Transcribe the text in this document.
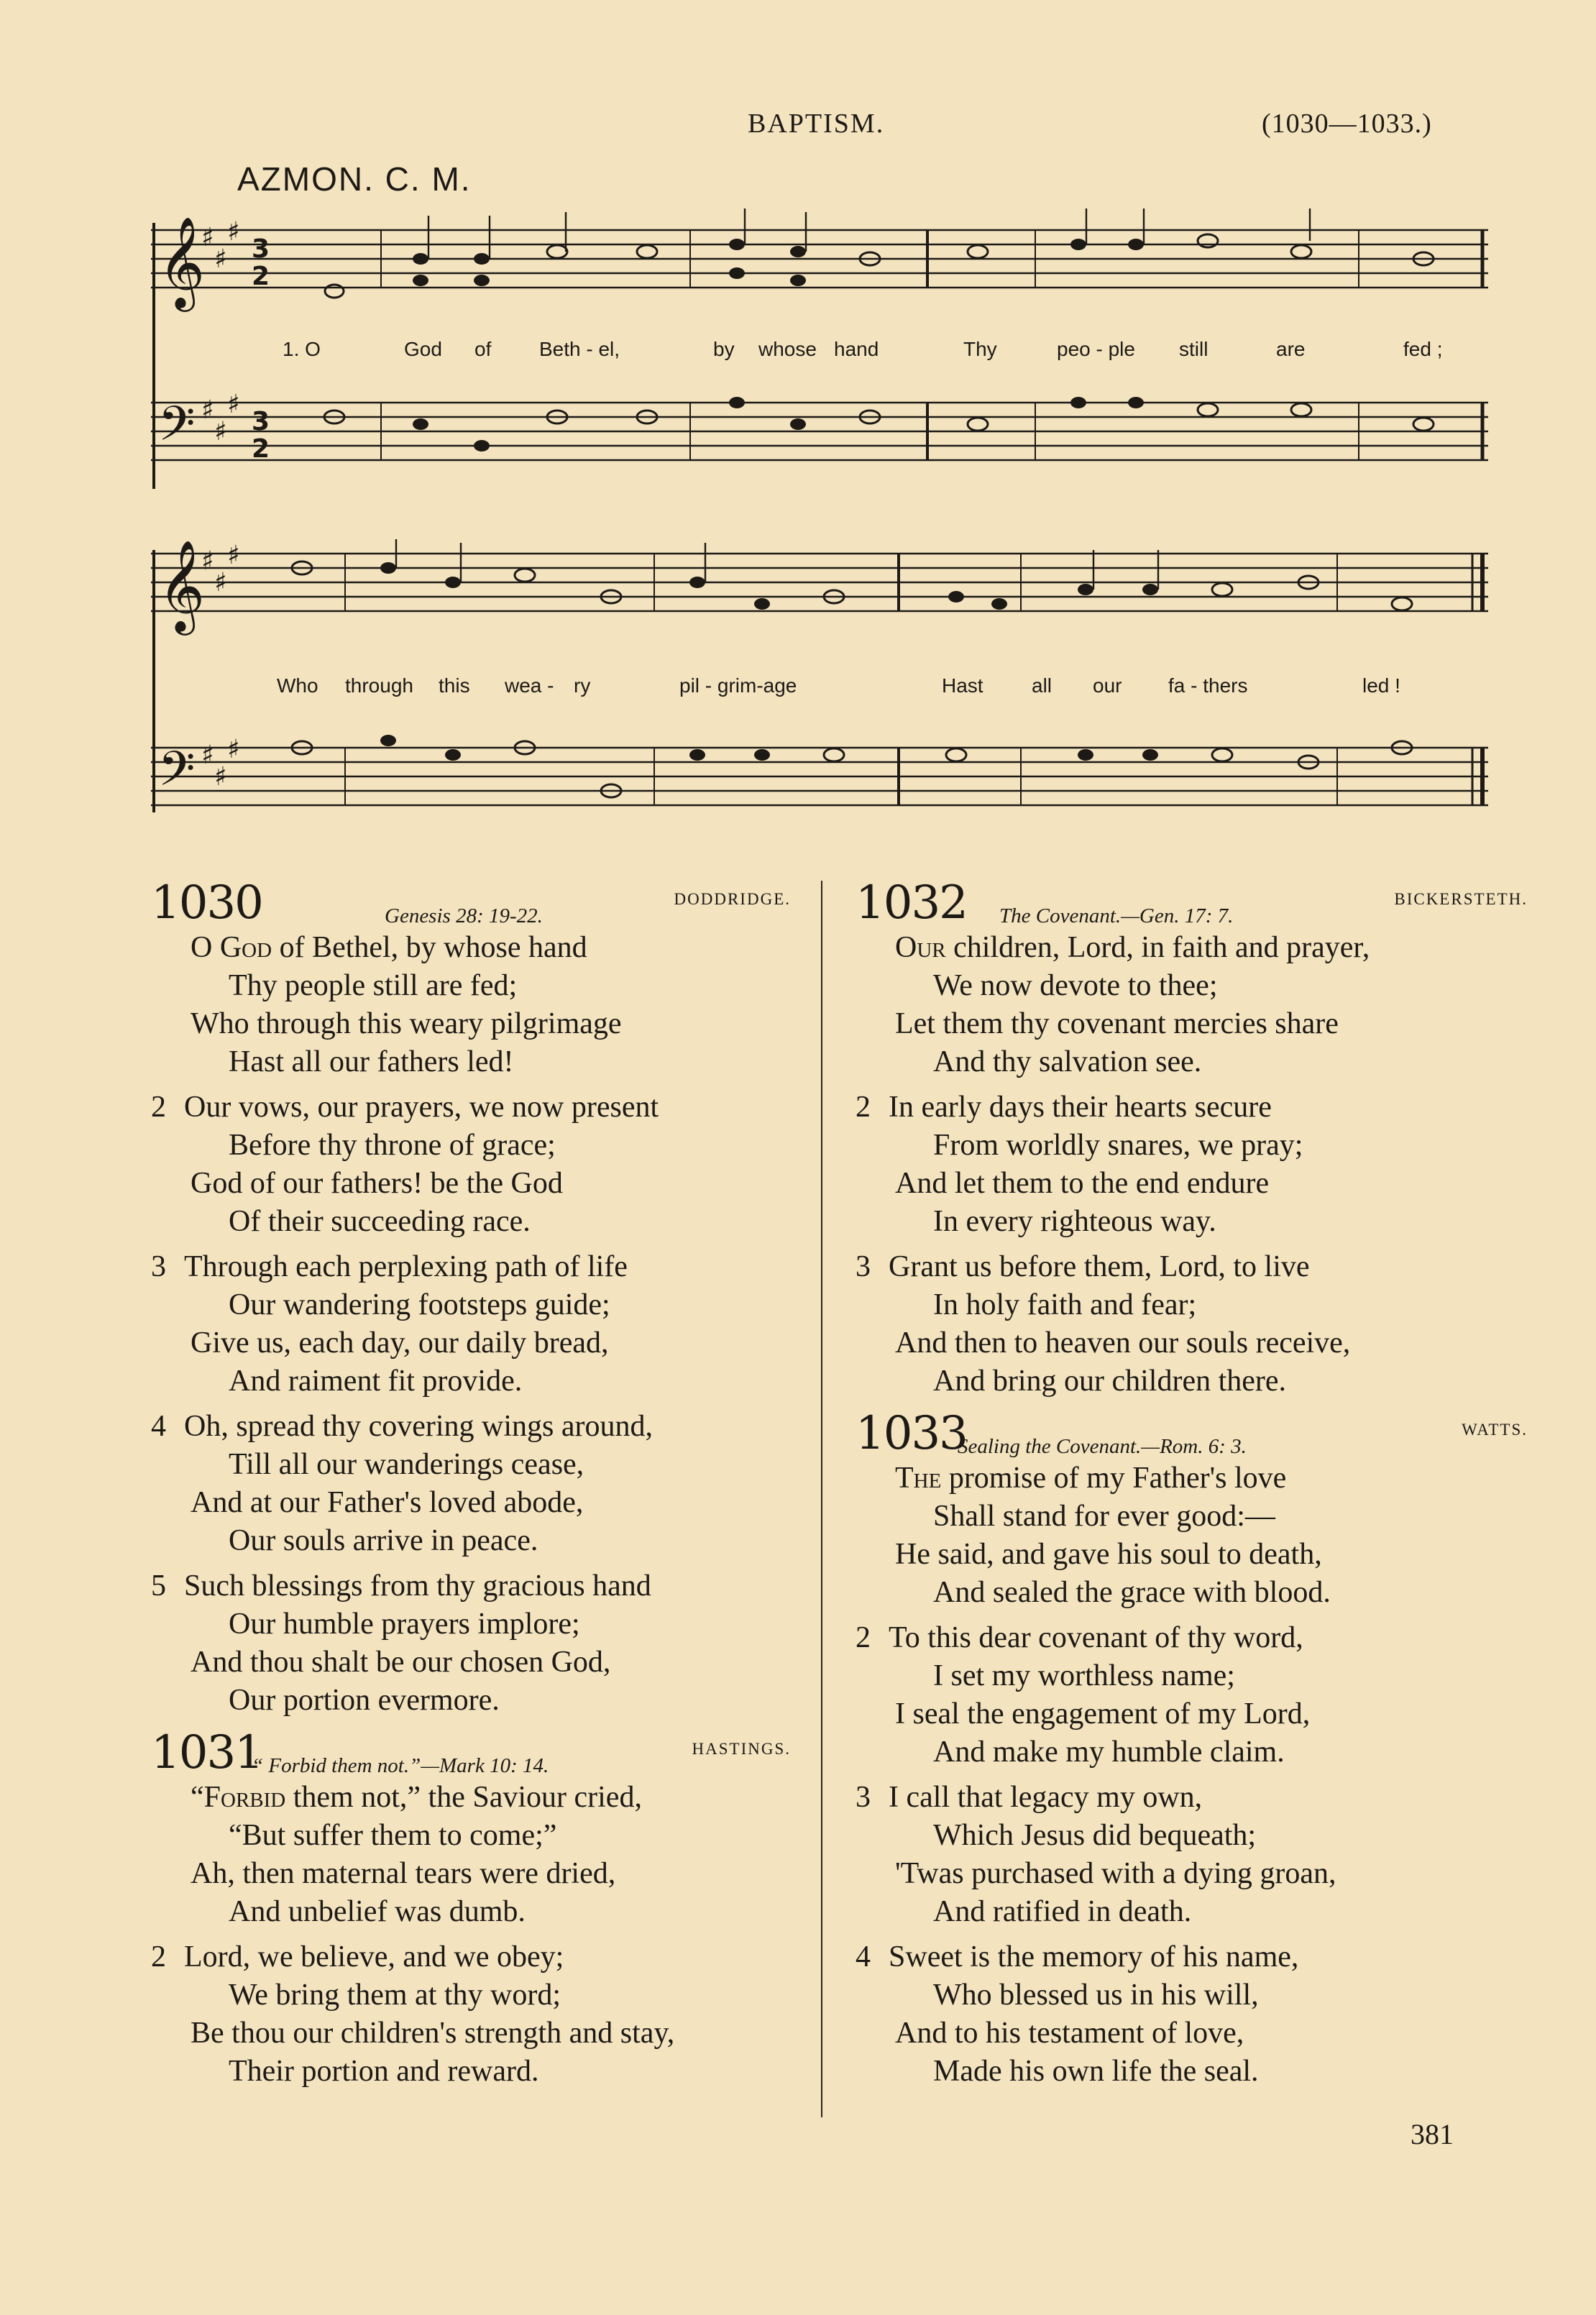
BAPTISM.	(1030—1033.)
AZMON. C. M.
𝄞
𝄢
♯
♯
♯
♯
♯
♯
3
2
3
2
1. O	God of Beth - el,	by whose hand	Thy	peo - ple still	are	fed ;
𝄞
𝄢
♯
♯
♯
♯
♯
♯
Who through this wea - ry	pil - grim-age	Hast all our fa - thers	led !
1030	Genesis 28: 19-22.
DODDRIDGE.
O God of Bethel, by whose hand
Thy people still are fed;
Who through this weary pilgrimage
Hast all our fathers led!
2 Our vows, our prayers, we now present
Before thy throne of grace;
God of our fathers! be the God
Of their succeeding race.
3 Through each perplexing path of life
Our wandering footsteps guide;
Give us, each day, our daily bread,
And raiment fit provide.
4 Oh, spread thy covering wings around,
Till all our wanderings cease,
And at our Father's loved abode,
Our souls arrive in peace.
5 Such blessings from thy gracious hand
Our humble prayers implore;
And thou shalt be our chosen God,
Our portion evermore.
1031
“ Forbid them not.”—Mark 10: 14.
HASTINGS.
“Forbid them not,” the Saviour cried,
“But suffer them to come;”
Ah, then maternal tears were dried,
And unbelief was dumb.
2 Lord, we believe, and we obey;
We bring them at thy word;
Be thou our children's strength and stay,
Their portion and reward.
1032 The Covenant.—Gen. 17: 7.
BICKERSTETH.
Our children, Lord, in faith and prayer,
We now devote to thee;
Let them thy covenant mercies share
And thy salvation see.
2 In early days their hearts secure
From worldly snares, we pray;
And let them to the end endure
In every righteous way.
3 Grant us before them, Lord, to live
In holy faith and fear;
And then to heaven our souls receive,
And bring our children there.
1033
Sealing the Covenant.—Rom. 6: 3.
WATTS.
The promise of my Father's love
Shall stand for ever good:—
He said, and gave his soul to death,
And sealed the grace with blood.
2 To this dear covenant of thy word,
I set my worthless name;
I seal the engagement of my Lord,
And make my humble claim.
3 I call that legacy my own,
Which Jesus did bequeath;
'Twas purchased with a dying groan,
And ratified in death.
4 Sweet is the memory of his name,
Who blessed us in his will,
And to his testament of love,
Made his own life the seal.
381
